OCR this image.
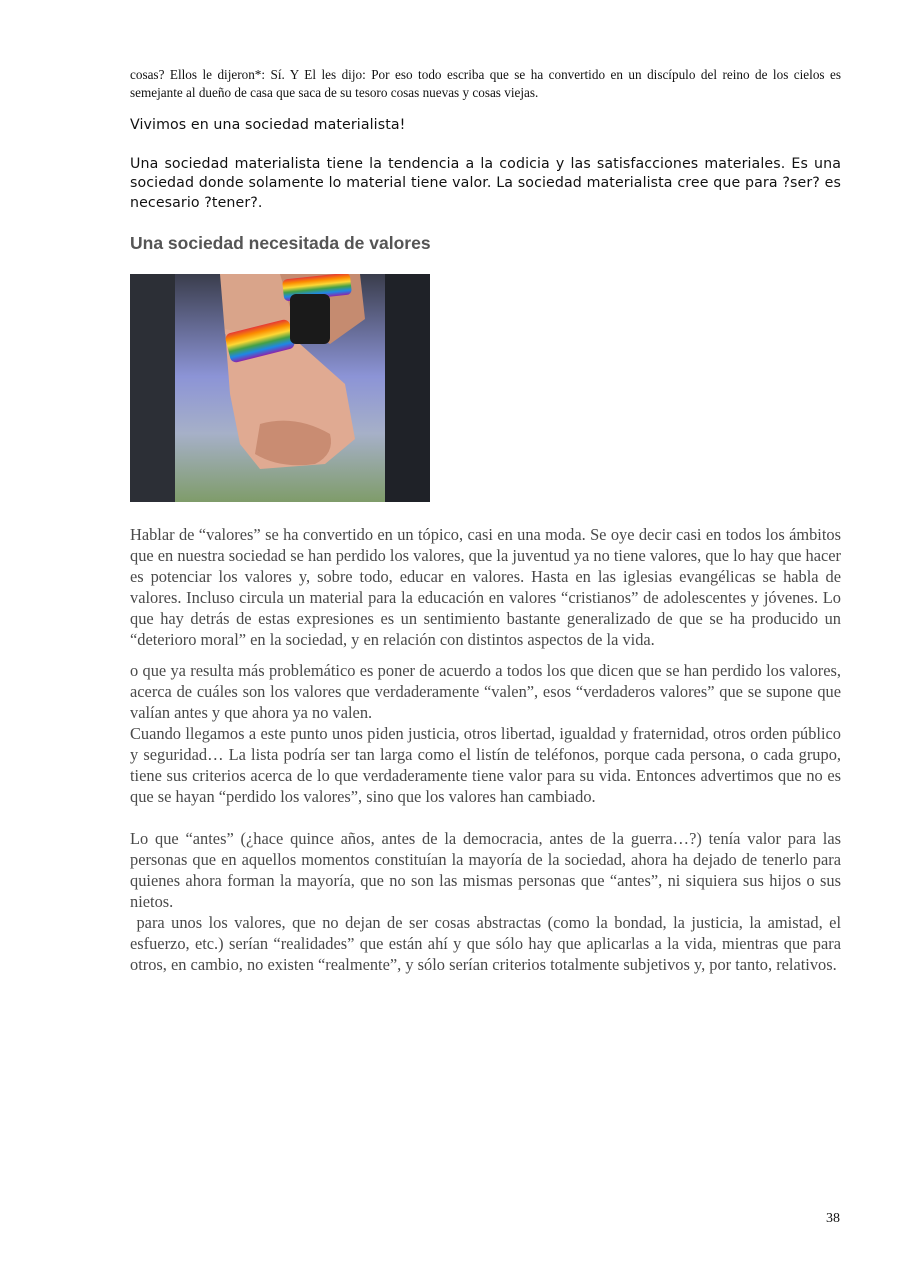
cosas? Ellos le dijeron*: Sí. Y El les dijo: Por eso todo escriba que se ha convertido en un discípulo del reino de los cielos es semejante al dueño de casa que saca de su tesoro cosas nuevas y cosas viejas.

Vivimos en una sociedad materialista!

Una sociedad materialista tiene la tendencia a la codicia y las satisfacciones materiales. Es una sociedad donde solamente lo material tiene valor. La sociedad materialista cree que para ?ser? es necesario ?tener?.

Una sociedad necesitada de valores

Hablar de “valores” se ha convertido en un tópico, casi en una moda. Se oye decir casi en todos los ámbitos que en nuestra sociedad se han perdido los valores, que la juventud ya no tiene valores, que lo hay que hacer es potenciar los valores y, sobre todo, educar en valores. Hasta en las iglesias evangélicas se habla de valores. Incluso circula un material para la educación en valores “cristianos” de adolescentes y jóvenes. Lo que hay detrás de estas expresiones es un sentimiento bastante generalizado de que se ha producido un “deterioro moral” en la sociedad, y en relación con distintos aspectos de la vida.

o que ya resulta más problemático es poner de acuerdo a todos los que dicen que se han perdido los valores, acerca de cuáles son los valores que verdaderamente “valen”, esos “verdaderos valores” que se supone que valían antes y que ahora ya no valen.

Cuando llegamos a este punto unos piden justicia, otros libertad, igualdad y fraternidad, otros orden público y seguridad… La lista podría ser tan larga como el listín de teléfonos, porque cada persona, o cada grupo, tiene sus criterios acerca de lo que verdaderamente tiene valor para su vida. Entonces advertimos que no es que se hayan “perdido los valores”, sino que los valores han cambiado.

Lo que “antes” (¿hace quince años, antes de la democracia, antes de la guerra…?) tenía valor para las personas que en aquellos momentos constituían la mayoría de la sociedad, ahora ha dejado de tenerlo para quienes ahora forman la mayoría, que no son las mismas personas que “antes”, ni siquiera sus hijos o sus nietos.

para unos los valores, que no dejan de ser cosas abstractas (como la bondad, la justicia, la amistad, el esfuerzo, etc.) serían “realidades” que están ahí y que sólo hay que aplicarlas a la vida, mientras que para otros, en cambio, no existen “realmente”, y sólo serían criterios totalmente subjetivos y, por tanto, relativos.

38
